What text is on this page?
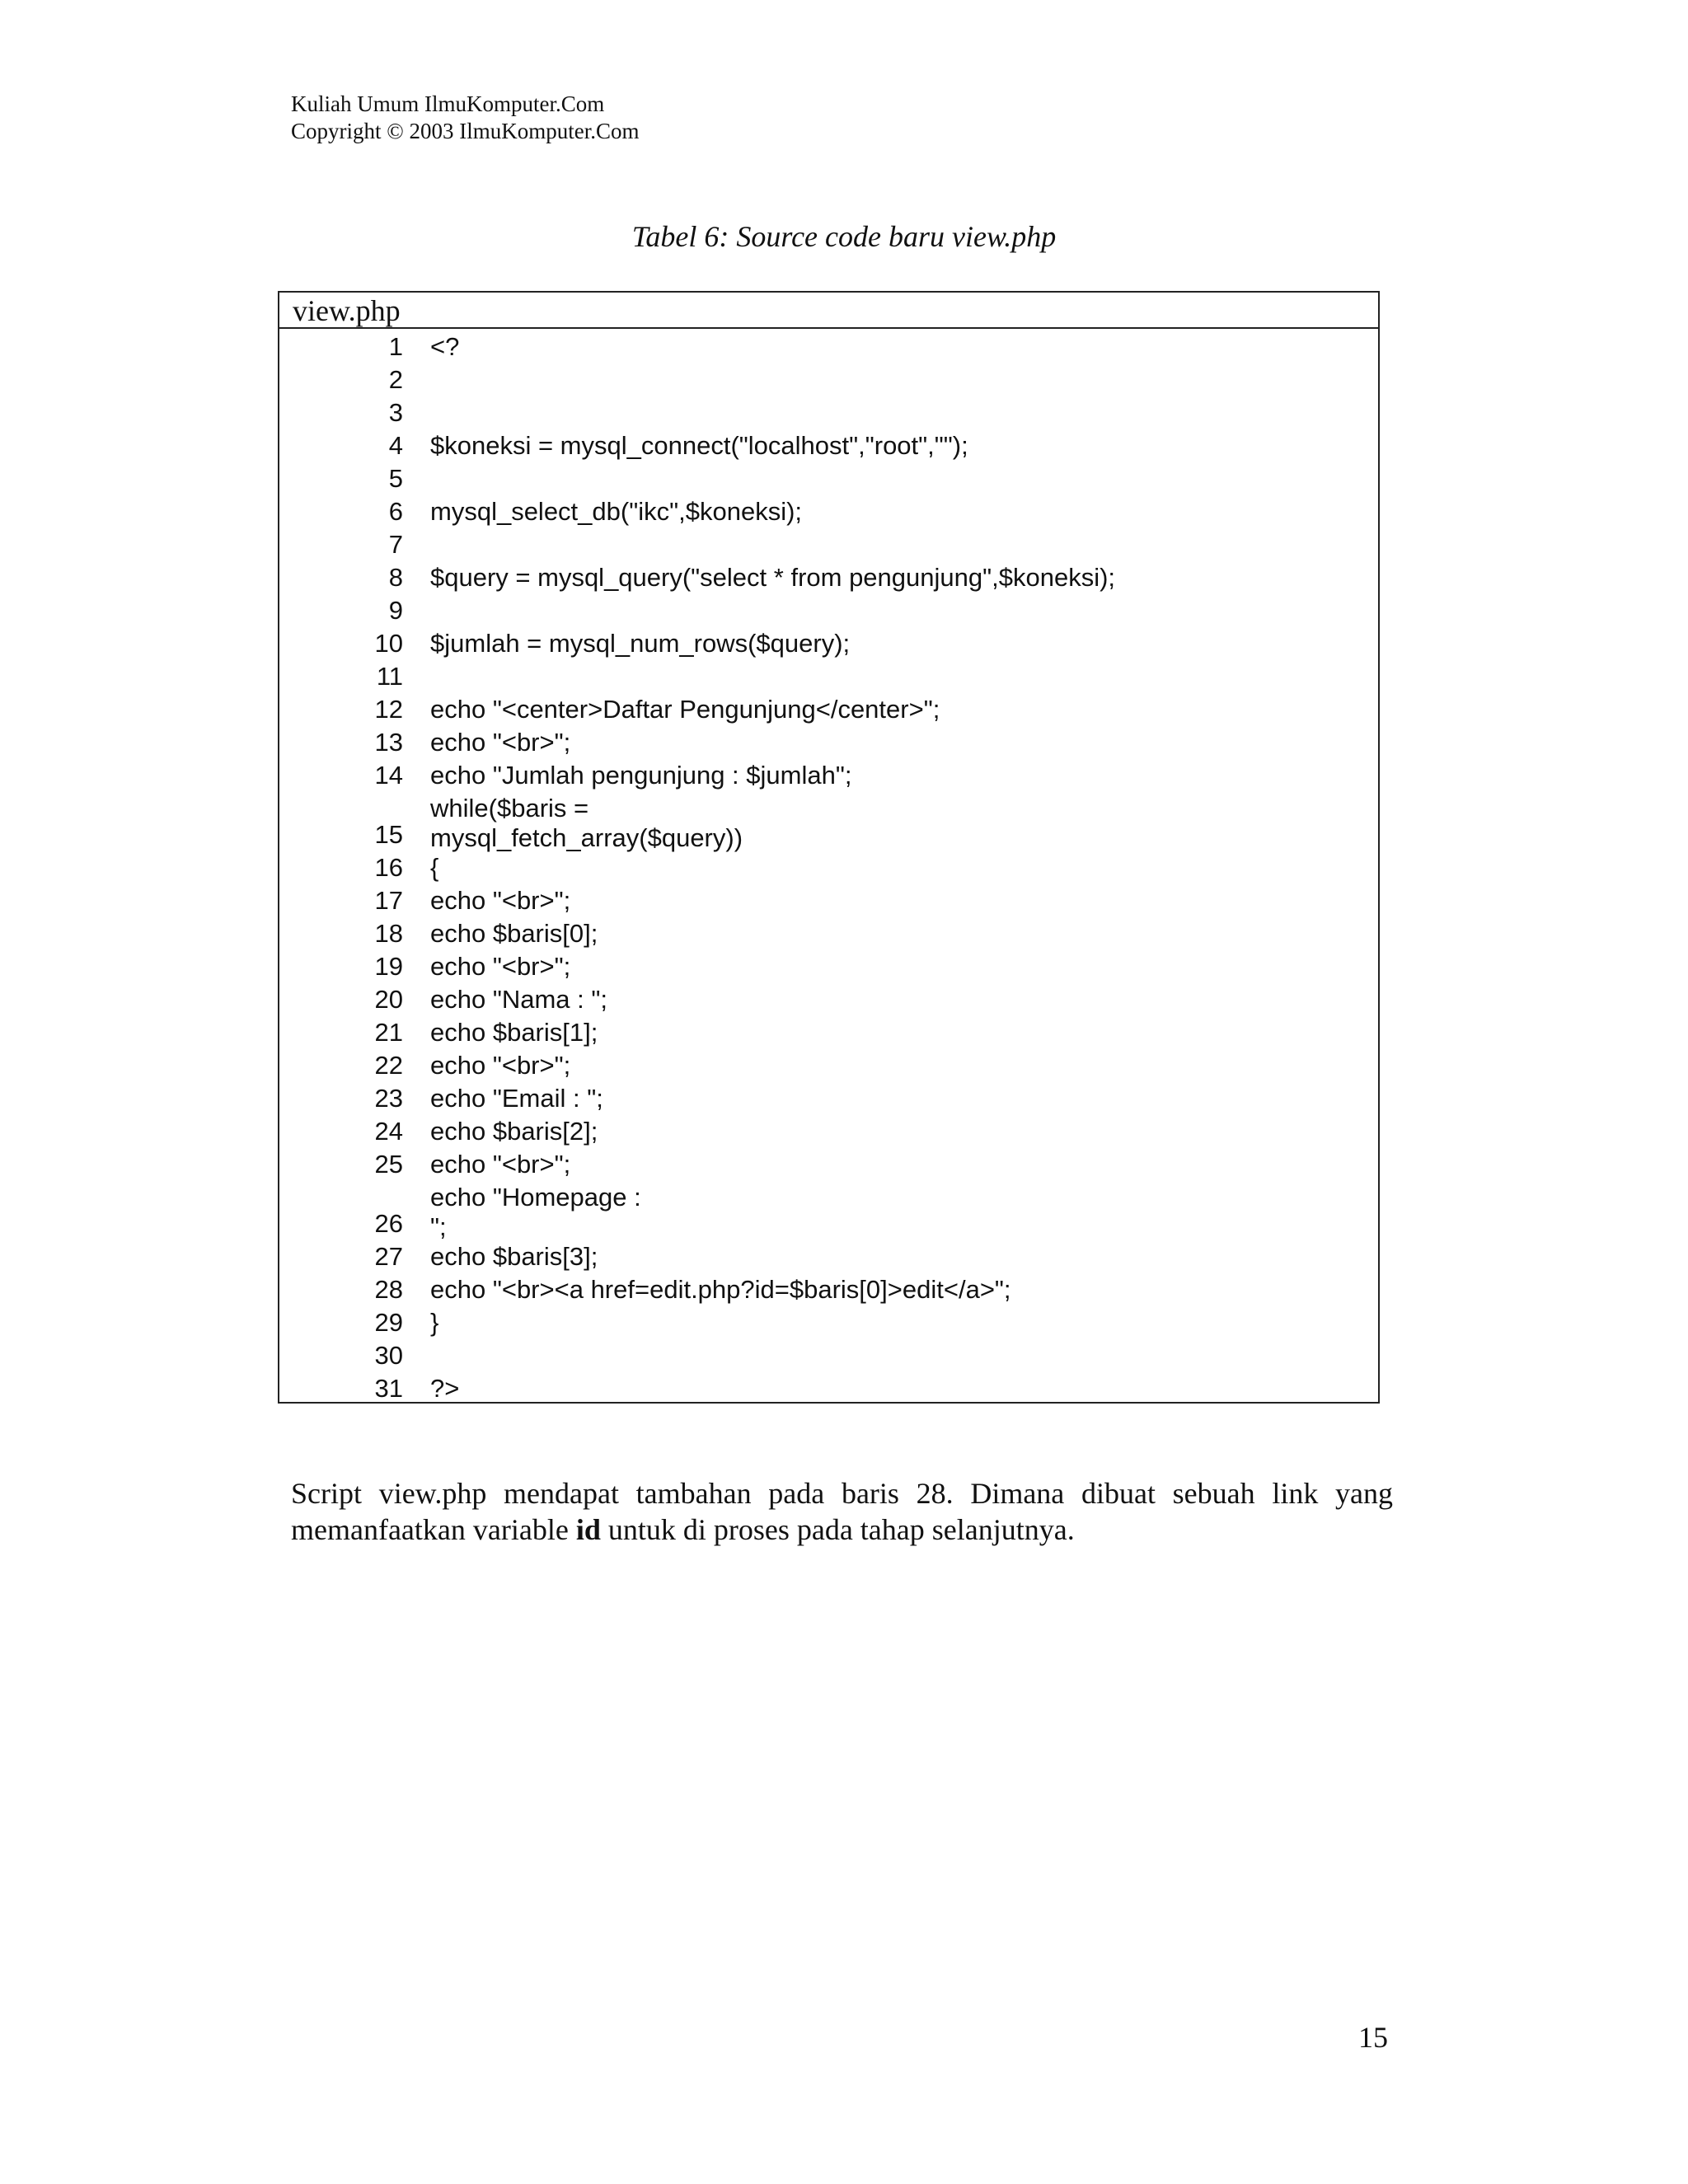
Kuliah Umum IlmuKomputer.Com
Copyright © 2003 IlmuKomputer.Com
Tabel 6: Source code baru view.php
view.php
1 <?
2
3
4 $koneksi = mysql_connect("localhost","root","");
5
6 mysql_select_db("ikc",$koneksi);
7
8 $query = mysql_query("select * from pengunjung",$koneksi);
9
10 $jumlah = mysql_num_rows($query);
11
12 echo "<center>Daftar Pengunjung</center>";
13 echo "<br>";
14 echo "Jumlah pengunjung : $jumlah";
15
while($baris =
mysql_fetch_array($query))
16 {
17 echo "<br>";
18 echo $baris[0];
19 echo "<br>";
20 echo "Nama : ";
21 echo $baris[1];
22 echo "<br>";
23 echo "Email : ";
24 echo $baris[2];
25 echo "<br>";
26
echo "Homepage :
";
27 echo $baris[3];
28 echo "<br><a href=edit.php?id=$baris[0]>edit</a>";
29 }
30
31 ?>
Script view.php mendapat tambahan pada baris 28. Dimana dibuat sebuah link yang memanfaatkan variable id untuk di proses pada tahap selanjutnya.
15
